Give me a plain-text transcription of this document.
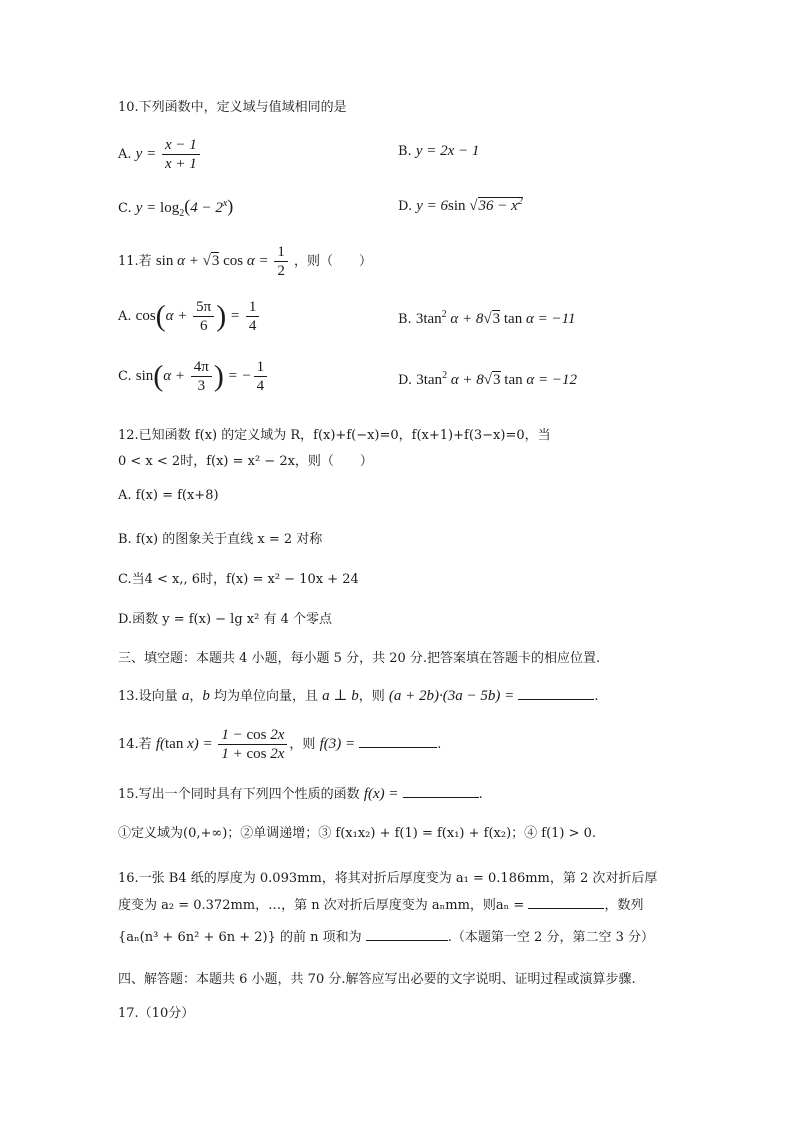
10.下列函数中，定义域与值域相同的是
A. $y = \frac{x - 1}{x + 1}$	B. y = 2x − 1
C. $y = \log_2(4 - 2^x)$	D. y = 6sin $√36 - x^2$
11.若 sin α + √3 $\cos \alpha = \frac{1}{2}$ ，则（　　）
A. $\cos(\alpha + \frac{5\pi}{6}$ ) = $\frac{1}{4}$	B. $3\tan^2$ α + 8√3 tan α = −11
C. $\sin(\alpha + \frac{4\pi}{3}$ ) = − $\frac{1}{4}$	D. $3\tan^2$ α + 8√3 tan α = −12
12.已知函数 f(x) 的定义域为 R，f(x)+f(−x)=0，f(x+1)+f(3−x)=0，当
0 < x < 2时，f(x) = x² − 2x，则（　　）
A. f(x) = f(x+8)
B. f(x) 的图象关于直线 x = 2 对称
C.当4 < x,, 6时，f(x) = x² − 10x + 24
D.函数 y = f(x) − lg x² 有 4 个零点
三、填空题：本题共 4 小题，每小题 5 分，共 20 分.把答案填在答题卡的相应位置.
13.设向量 a，b 均为单位向量，且 a ⊥ b，则 (a + 2b)·(3a − 5b) =	.
14.若 f(tan $x) = \frac{1 - \cos 2x}{1 + \cos 2x}$ ，则 f(3) =	.
15.写出一个同时具有下列四个性质的函数 f(x) =	.
①定义域为(0,+∞)；②单调递增；③ f(x₁x₂) + f(1) = f(x₁) + f(x₂)；④ f(1) > 0.
16.一张 B4 纸的厚度为 0.093mm，将其对折后厚度变为 a₁ = 0.186mm，第 2 次对折后厚
度变为 a₂ = 0.372mm，…，第 n 次对折后厚度变为 aₙmm，则aₙ =	，数列
{aₙ(n³ + 6n² + 6n + 2)} 的前 n 项和为	.（本题第一空 2 分，第二空 3 分）
四、解答题：本题共 6 小题，共 70 分.解答应写出必要的文字说明、证明过程或演算步骤.
17.（10分）
